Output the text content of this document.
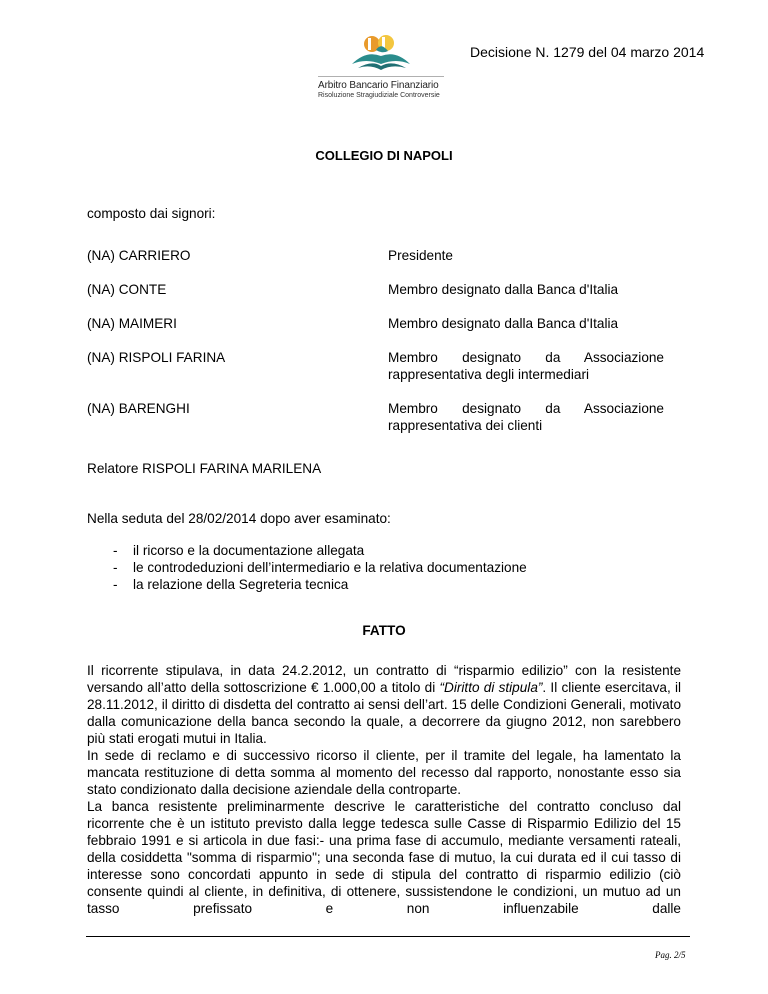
Arbitro Bancario Finanziario
Risoluzione Stragiudiziale Controversie
Decisione N. 1279 del 04 marzo 2014
COLLEGIO DI NAPOLI
composto dai signori:
(NA) CARRIERO	Presidente
(NA) CONTE	Membro designato dalla Banca d'Italia
(NA) MAIMERI	Membro designato dalla Banca d'Italia
(NA) RISPOLI FARINA	Membro designato da Associazione
rappresentativa degli intermediari
(NA) BARENGHI	Membro designato da Associazione
rappresentativa dei clienti
Relatore RISPOLI FARINA MARILENA
Nella seduta del 28/02/2014 dopo aver esaminato:
- il ricorso e la documentazione allegata
- le controdeduzioni dell’intermediario e la relativa documentazione
- la relazione della Segreteria tecnica
FATTO

Il ricorrente stipulava, in data 24.2.2012, un contratto di “risparmio edilizio” con la resistente versando all’atto della sottoscrizione € 1.000,00 a titolo di “Diritto di stipula”. Il cliente esercitava, il 28.11.2012, il diritto di disdetta del contratto ai sensi dell’art. 15 delle Condizioni Generali, motivato dalla comunicazione della banca secondo la quale, a decorrere da giugno 2012, non sarebbero più stati erogati mutui in Italia.

In sede di reclamo e di successivo ricorso il cliente, per il tramite del legale, ha lamentato la mancata restituzione di detta somma al momento del recesso dal rapporto, nonostante esso sia stato condizionato dalla decisione aziendale della controparte.

La banca resistente preliminarmente descrive le caratteristiche del contratto concluso dal ricorrente che è un istituto previsto dalla legge tedesca sulle Casse di Risparmio Edilizio del 15 febbraio 1991 e si articola in due fasi:- una prima fase di accumulo, mediante versamenti rateali, della cosiddetta "somma di risparmio"; una seconda fase di mutuo, la cui durata ed il cui tasso di interesse sono concordati appunto in sede di stipula del contratto di risparmio edilizio (ciò consente quindi al cliente, in definitiva, di ottenere, sussistendone le condizioni, un mutuo ad un tasso prefissato e non influenzabile dalle

Pag. 2/5
